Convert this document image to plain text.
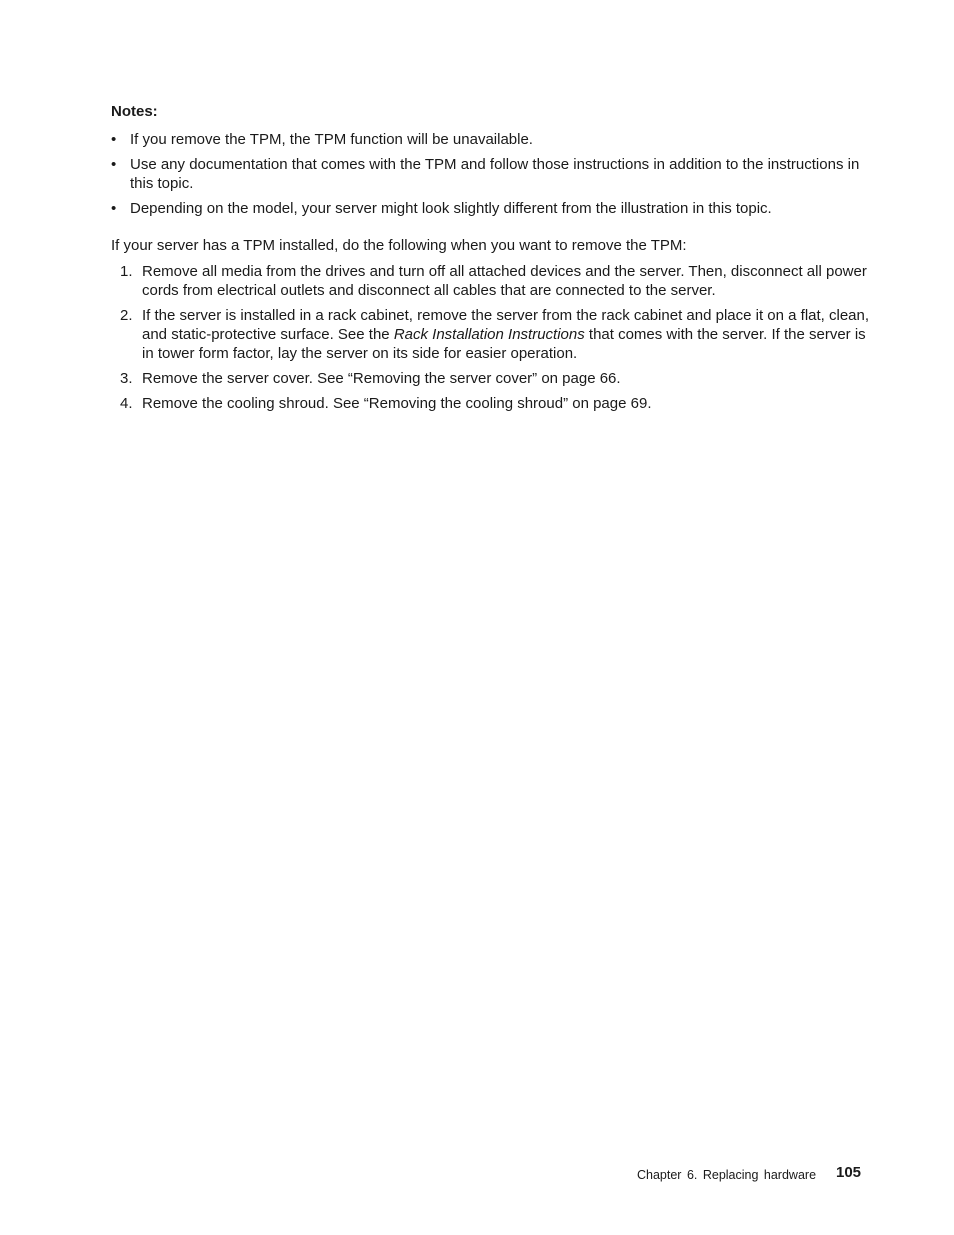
Notes:
• If you remove the TPM, the TPM function will be unavailable.
• Use any documentation that comes with the TPM and follow those instructions in addition to the instructions in this topic.
• Depending on the model, your server might look slightly different from the illustration in this topic.
If your server has a TPM installed, do the following when you want to remove the TPM:
1. Remove all media from the drives and turn off all attached devices and the server. Then, disconnect all power cords from electrical outlets and disconnect all cables that are connected to the server.
2. If the server is installed in a rack cabinet, remove the server from the rack cabinet and place it on a flat, clean, and static-protective surface. See the Rack Installation Instructions that comes with the server. If the server is in tower form factor, lay the server on its side for easier operation.
3. Remove the server cover. See “Removing the server cover” on page 66.
4. Remove the cooling shroud. See “Removing the cooling shroud” on page 69.
Chapter 6. Replacing hardware 105
